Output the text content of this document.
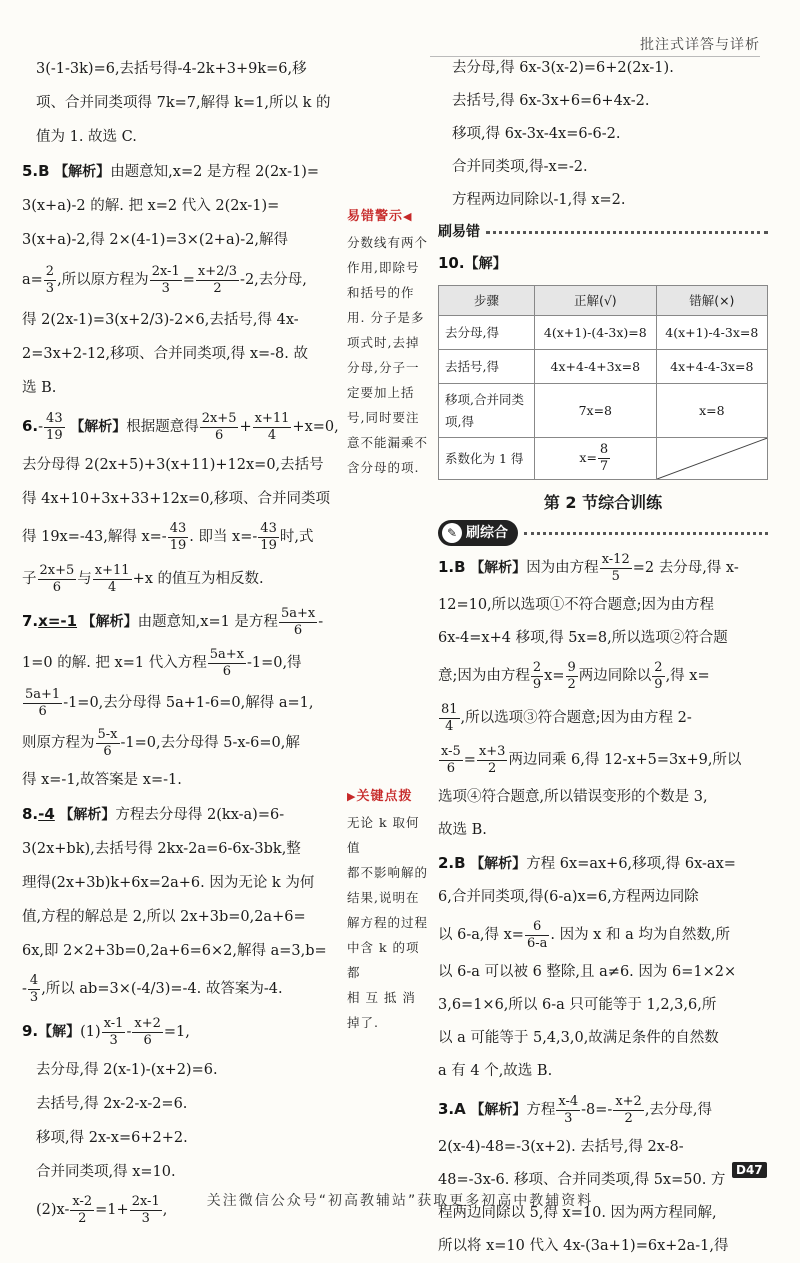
批注式详答与详析
3(-1-3k)=6,去括号得-4-2k+3+9k=6,移
项、合并同类项得 7k=7,解得 k=1,所以 k 的
值为 1. 故选 C.
5.B 【解析】由题意知,x=2 是方程 2(2x-1)=
3(x+a)-2 的解. 把 x=2 代入 2(2x-1)=
3(x+a)-2,得 2×(4-1)=3×(2+a)-2,解得
$a= \frac{2}{3}$ ,所以原方程为 $\frac{2x-1}{3} = \frac{x+2/3}{2} -2$,去分母,
得 2(2x-1)=3(x+2/3)-2×6,去括号,得 4x-
2=3x+2-12,移项、合并同类项,得 x=-8. 故
选 B.
$6.- \frac{43}{19}$ 【解析】根据题意得 $\frac{2x+5}{6} + \frac{x+11}{4} +x=0$,
去分母得 2(2x+5)+3(x+11)+12x=0,去括号
得 4x+10+3x+33+12x=0,移项、合并同类项
得 19x=-43,解得 $x=- \frac{43}{19}$ . 即当 $x=- \frac{43}{19}$ 时,式
子 $\frac{2x+5}{6}$ 与 $\frac{x+11}{4} +x$ 的值互为相反数.
7.x=-1 【解析】由题意知,x=1 是方程 $\frac{5a+x}{6}$ -
1=0 的解. 把 x=1 代入方程 $\frac{5a+x}{6} -1=0$,得
$\frac{5a+1}{6} -1=0$,去分母得 5a+1-6=0,解得 a=1,
则原方程为 $\frac{5-x}{6} -1=0$,去分母得 5-x-6=0,解
得 x=-1,故答案是 x=-1.
8.-4 【解析】方程去分母得 2(kx-a)=6-
3(2x+bk),去括号得 2kx-2a=6-6x-3bk,整
理得(2x+3b)k+6x=2a+6. 因为无论 k 为何
值,方程的解总是 2,所以 2x+3b=0,2a+6=
6x,即 2×2+3b=0,2a+6=6×2,解得 a=3,b=
- $\frac{4}{3}$ ,所以 ab=3×(-4/3)=-4. 故答案为-4.
9.【解】$(1) \frac{x-1}{3} - \frac{x+2}{6} =1$,
去分母,得 2(x-1)-(x+2)=6.
去括号,得 2x-2-x-2=6.
移项,得 2x-x=6+2+2.
合并同类项,得 x=10.
$(2)x- \frac{x-2}{2} =1+ \frac{2x-1}{3}$ ,
易错警示◀
分数线有两个
作用,即除号
和括号的作
用. 分子是多
项式时,去掉
分母,分子一
定要加上括
号,同时要注
意不能漏乘不
含分母的项.
▶关键点拨
无论 k 取何值
都不影响解的
结果,说明在
解方程的过程
中含 k 的项都
相 互 抵 消
掉了.
去分母,得 6x-3(x-2)=6+2(2x-1).
去括号,得 6x-3x+6=6+4x-2.
移项,得 6x-3x-4x=6-6-2.
合并同类项,得-x=-2.
方程两边同除以-1,得 x=2.
刷易错
10.【解】
步骤	正解(√)	错解(×)
去分母,得	4(x+1)-(4-3x)=8	4(x+1)-4-3x=8
去括号,得	4x+4-4+3x=8	4x+4-4-3x=8
移项,合并同类项,得	7x=8	x=8
系数化为 1 得	$x= \frac{8}{7}$

第 2 节综合训练
✎ 刷综合
1.B 【解析】因为由方程 $\frac{x-12}{5} =2$ 去分母,得 x-
12=10,所以选项①不符合题意;因为由方程
6x-4=x+4 移项,得 5x=8,所以选项②符合题
意;因为由方程 $\frac{2}{9} x= \frac{9}{2}$ 两边同除以 $\frac{2}{9}$ ,得 x=
$\frac{81}{4}$ ,所以选项③符合题意;因为由方程 2-
$\frac{x-5}{6} = \frac{x+3}{2}$ 两边同乘 6,得 12-x+5=3x+9,所以
选项④符合题意,所以错误变形的个数是 3,
故选 B.
2.B 【解析】方程 6x=ax+6,移项,得 6x-ax=
6,合并同类项,得(6-a)x=6,方程两边同除
以 6-a,得 $x= \frac{6}{6-a}$ . 因为 x 和 a 均为自然数,所
以 6-a 可以被 6 整除,且 a≠6. 因为 6=1×2×
3,6=1×6,所以 6-a 只可能等于 1,2,3,6,所
以 a 可能等于 5,4,3,0,故满足条件的自然数
a 有 4 个,故选 B.
3.A 【解析】方程 $\frac{x-4}{3} -8=- \frac{x+2}{2}$ ,去分母,得
2(x-4)-48=-3(x+2). 去括号,得 2x-8-
48=-3x-6. 移项、合并同类项,得 5x=50. 方
程两边同除以 5,得 x=10. 因为两方程同解,
所以将 x=10 代入 4x-(3a+1)=6x+2a-1,得
D47
关注微信公众号“初高教辅站”获取更多初高中教辅资料
